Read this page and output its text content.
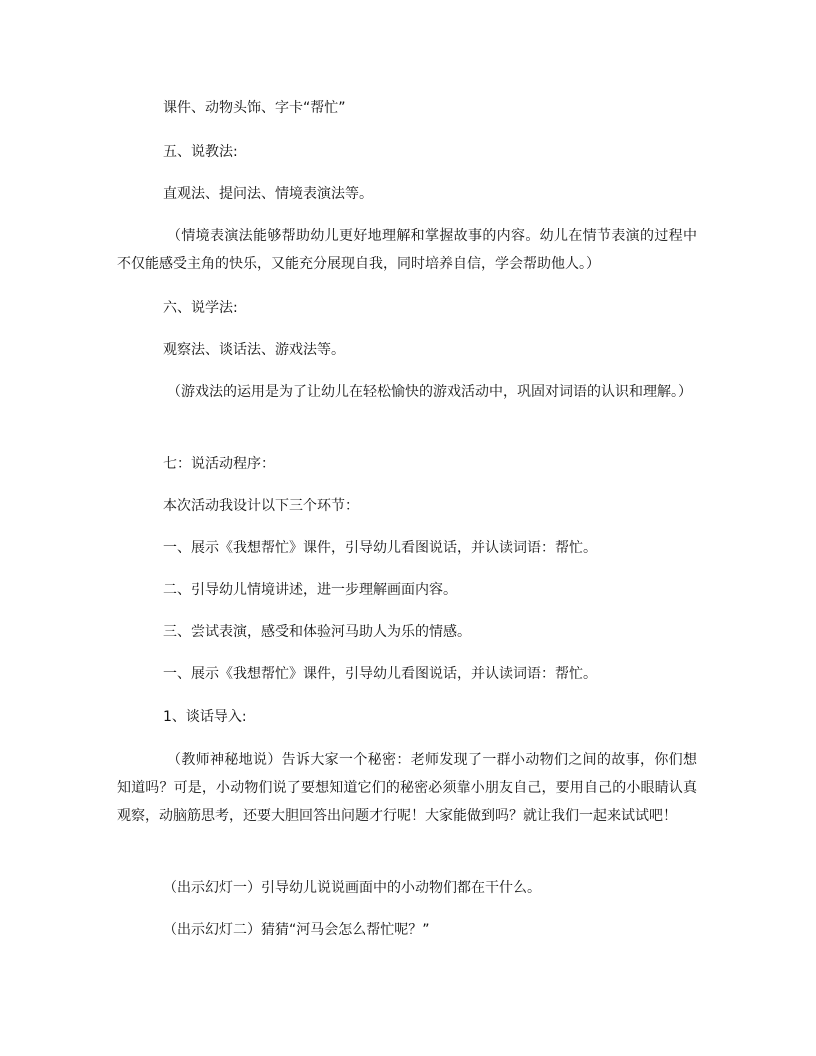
课件、动物头饰、字卡“帮忙”
五、说教法:
直观法、提问法、情境表演法等。
（情境表演法能够帮助幼儿更好地理解和掌握故事的内容。幼儿在情节表演的过程中不仅能感受主角的快乐，又能充分展现自我，同时培养自信，学会帮助他人。）
六、说学法:
观察法、谈话法、游戏法等。
（游戏法的运用是为了让幼儿在轻松愉快的游戏活动中，巩固对词语的认识和理解。）
七：说活动程序：
本次活动我设计以下三个环节：
一、展示《我想帮忙》课件，引导幼儿看图说话，并认读词语：帮忙。
二、引导幼儿情境讲述，进一步理解画面内容。
三、尝试表演，感受和体验河马助人为乐的情感。
一、展示《我想帮忙》课件，引导幼儿看图说话，并认读词语：帮忙。
1、谈话导入:
（教师神秘地说）告诉大家一个秘密：老师发现了一群小动物们之间的故事，你们想知道吗？可是，小动物们说了要想知道它们的秘密必须靠小朋友自己，要用自己的小眼睛认真观察，动脑筋思考，还要大胆回答出问题才行呢！大家能做到吗？就让我们一起来试试吧！
（出示幻灯一）引导幼儿说说画面中的小动物们都在干什么。
（出示幻灯二）猜猜“河马会怎么帮忙呢？”
